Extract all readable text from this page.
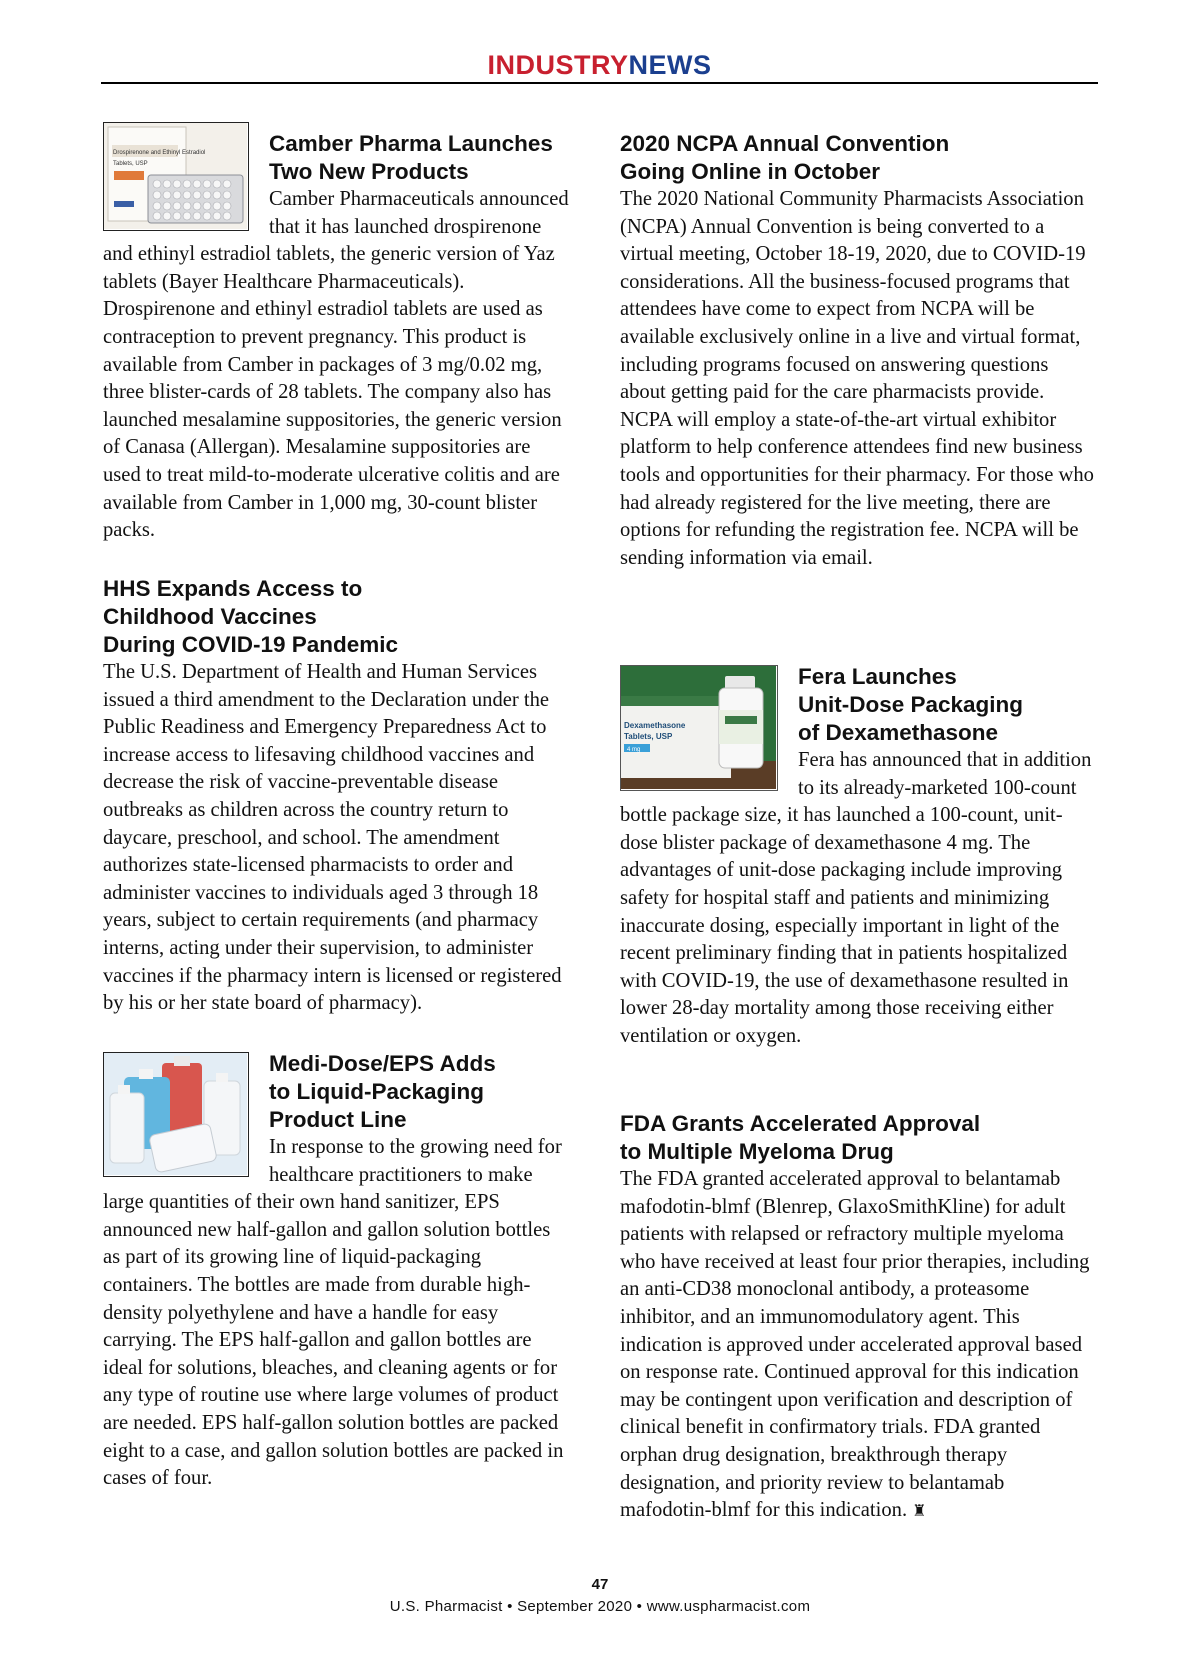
INDUSTRYNEWS
Drospirenone and Ethinyl Estradiol
Tablets, USP
Camber Pharma Launches
Two New Products

Camber Pharmaceuticals announced that it has launched drospirenone and ethinyl estradiol tablets, the generic version of Yaz tablets (Bayer Healthcare Pharmaceuticals). Drospirenone and ethinyl estradiol tablets are used as contraception to prevent pregnancy. This product is available from Camber in packages of 3 mg/0.02 mg, three blister-cards of 28 tablets. The company also has launched mesalamine suppositories, the generic version of Canasa (Allergan). Mesalamine suppositories are used to treat mild-to-moderate ulcerative colitis and are available from Camber in 1,000 mg, 30-count blister packs.

HHS Expands Access to
Childhood Vaccines
During COVID-19 Pandemic

The U.S. Department of Health and Human Services issued a third amendment to the Declaration under the Public Readiness and Emergency Preparedness Act to increase access to lifesaving childhood vaccines and decrease the risk of vaccine-preventable disease outbreaks as children across the country return to daycare, preschool, and school. The amendment authorizes state-licensed pharmacists to order and administer vaccines to individuals aged 3 through 18 years, subject to certain requirements (and pharmacy interns, acting under their supervision, to administer vaccines if the pharmacy intern is licensed or registered by his or her state board of pharmacy).

Medi-Dose/EPS Adds
to Liquid-Packaging
Product Line

In response to the growing need for healthcare practitioners to make large quantities of their own hand sanitizer, EPS announced new half-gallon and gallon solution bottles as part of its growing line of liquid-packaging containers. The bottles are made from durable high-density polyethylene and have a handle for easy carrying. The EPS half-gallon and gallon bottles are ideal for solutions, bleaches, and cleaning agents or for any type of routine use where large volumes of product are needed. EPS half-gallon solution bottles are packed eight to a case, and gallon solution bottles are packed in cases of four.

2020 NCPA Annual Convention
Going Online in October

The 2020 National Community Pharmacists Association (NCPA) Annual Convention is being converted to a virtual meeting, October 18-19, 2020, due to COVID-19 considerations. All the business-focused programs that attendees have come to expect from NCPA will be available exclusively online in a live and virtual format, including programs focused on answering questions about getting paid for the care pharmacists provide. NCPA will employ a state-of-the-art virtual exhibitor platform to help conference attendees find new business tools and opportunities for their pharmacy. For those who had already registered for the live meeting, there are options for refunding the registration fee. NCPA will be sending information via email.

Dexamethasone
Tablets, USP
4 mg
Fera Launches
Unit-Dose Packaging
of Dexamethasone

Fera has announced that in addition to its already-marketed 100-count bottle package size, it has launched a 100-count, unit-dose blister package of dexamethasone 4 mg. The advantages of unit-dose packaging include improving safety for hospital staff and patients and minimizing inaccurate dosing, especially important in light of the recent preliminary finding that in patients hospitalized with COVID-19, the use of dexamethasone resulted in lower 28-day mortality among those receiving either ventilation or oxygen.

FDA Grants Accelerated Approval
to Multiple Myeloma Drug

The FDA granted accelerated approval to belantamab mafodotin-blmf (Blenrep, GlaxoSmithKline) for adult patients with relapsed or refractory multiple myeloma who have received at least four prior therapies, including an anti-CD38 monoclonal antibody, a proteasome inhibitor, and an immunomodulatory agent. This indication is approved under accelerated approval based on response rate. Continued approval for this indication may be contingent upon verification and description of clinical benefit in confirmatory trials. FDA granted orphan drug designation, breakthrough therapy designation, and priority review to belantamab mafodotin-blmf for this indication. ♜

47
U.S. Pharmacist • September 2020 • www.uspharmacist.com
